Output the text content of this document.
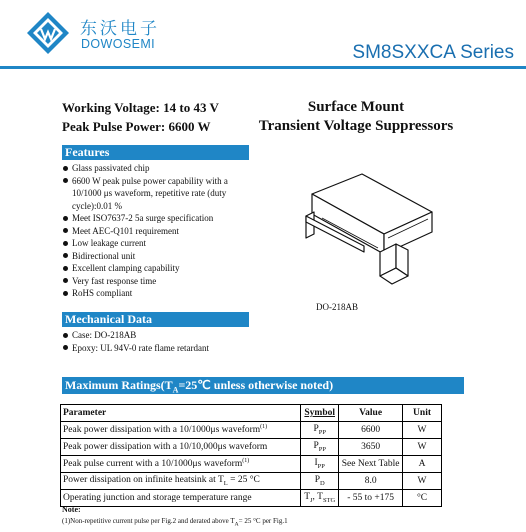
东沃电子
DOWOSEMI	SM8SXXCA Series
Working Voltage: 14 to 43 V
Peak Pulse Power: 6600 W
Surface Mount
Transient Voltage Suppressors
Features
Glass passivated chip
6600 W peak pulse power capability with a 10/1000 μs waveform, repetitive rate (duty cycle):0.01 %
Meet ISO7637-2 5a surge specification
Meet AEC-Q101 requirement
Low leakage current
Bidirectional unit
Excellent clamping capability
Very fast response time
RoHS compliant
DO-218AB
Mechanical Data
Case: DO-218AB
Epoxy: UL 94V-0 rate flame retardant
Maximum $Ratings(T_A=25℃$ unless otherwise noted)
Parameter	Symbol	Value	Unit
Peak power dissipation with a 10/1000μs waveform$^{(1)}$	$P_{PP}$	6600	W
Peak power dissipation with a 10/10,000μs waveform	$P_{PP}$	3650	W
Peak pulse current with a 10/1000μs waveform$^{(1)}$	$I_{PP}$	See Next Table	A
Power dissipation on infinite heatsink at $T_L = 25$ °C	$P_D$	8.0	W
Operating junction and storage temperature range	$T_J$, $T_{STG}$	- 55 to +175	°C
Note:
(1)Non-repetitive current pulse per Fig.2 and derated above $T_A= 25$ °C per Fig.1
